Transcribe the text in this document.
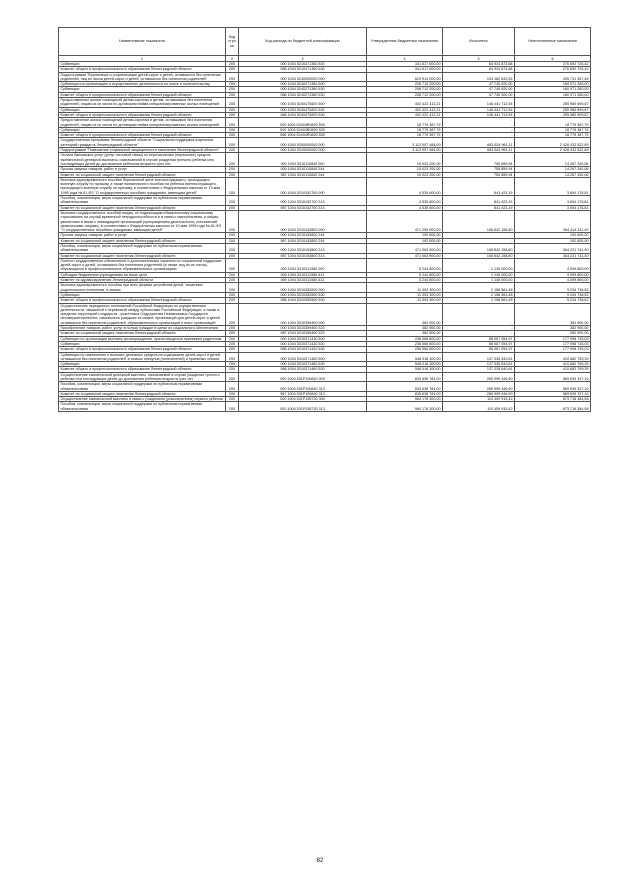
Наименование показателя	Код стро ки	Код расхода по бюджетной классификации	Утвержденные бюджетные назначения	Исполнено	Неисполненные назначения
1	2	3	4	5	6
Субвенции	200	000 1004 5210471360 530	341 617 600,00	64 924 873,68	276 692 726,42
Комитет общего и профессионального образования Ленинградской области	200	068 1004 5210471360 530	341 617 600,00	64 924 873,68	276 692 726,42
Подпрограмма "Воспитание и социализация детей-сирот и детей, оставшихся без попечения родителей, лиц из числа детей-сирот и детей, оставшихся без попечения родителей"	200	000 1004 5240000000 000	629 914 000,00	194 182 632,54	435 731 367,46
Субвенции на организацию и осуществление деятельности по опеке и попечительству	200	000 1004 5240271380 500	208 712 200,00	47 740 920,00	160 971 280,00
Субвенции	200	000 1004 5240271380 530	208 712 200,00	47 740 920,00	160 971 280,00
Комитет общего и профессионального образования Ленинградской области	200	068 1004 5240271380 530	208 712 200,00	47 740 920,00	160 971 280,00
Предоставление жилых помещений детям-сиротам и детям, оставшимся без попечения родителей, лицам из их числа по договорам найма специализированных жилых помещений	200	000 1004 5240470820 500	402 422 412,21	146 441 712,54	255 980 699,67
Субвенции	200	000 1004 5240470820 530	402 422 412,21	146 441 712,54	255 980 699,67
Комитет общего и профессионального образования Ленинградской области	200	068 1004 5240470820 530	402 422 412,21	146 441 712,54	255 980 699,67
Предоставление жилых помещений детям-сиротам и детям, оставшимся без попечения родителей, лицам из их числа по договорам найма специализированных жилых помещений	200	000 1004 52404R0820 500	18 779 387,79	-	18 779 387,79
Субвенции	200	000 1004 52404R0820 530	18 779 387,79	-	18 779 387,79
Комитет общего и профессионального образования Ленинградской области	200	068 1004 52404R0820 530	18 779 387,79	-	18 779 387,79
Государственная программа Ленинградской области "Социальная поддержка отдельных категорий граждан в Ленинградской области"	200	000 1004 5300000000 000	3 112 057 484,00	683 624 961,11	2 428 432 522,89
Подпрограмма "Повышение социальной защищенности населения Ленинградской области"	200	000 1004 5310000000 000	3 112 057 484,00	683 624 961,11	2 428 432 522,89
Оплата банковских услуг (услуг почтовой связи) по перечислению (пересылке) средств ежемесячной денежной выплаты, назначаемой в случае рождения третьего ребенка или последующих детей до достижения ребенком возраста трех лет	200	000 1004 5310110840 000	15 023 200,00	755 859,94	14 267 340,06
Прочая закупка товаров, работ и услуг	200	000 1004 5310110840 244	15 023 200,00	755 859,94	14 267 340,06
Комитет по социальной защите населения Ленинградской области	200	987 1004 5310110840 244	15 023 200,00	755 859,94	14 267 340,06
Выплата единовременного пособия беременной жене военнослужащего, проходящего военную службу по призыву, а также ежемесячного пособия на ребенка военнослужащего, проходящего военную службу по призыву, в соответствии с Федеральным законом от 19 мая 1995 года № 81-ФЗ "О государственных пособиях гражданам, имеющим детей"	200	000 1004 5310152700 000	4 535 600,00	841 423,19	3 694 176,81
Пособия, компенсации, меры социальной поддержки по публичным нормативным обязательствам	200	000 1004 5310152700 313	4 535 600,00	841 423,19	3 694 176,81
Комитет по социальной защите населения Ленинградской области	200	987 1004 5310152700 313	4 535 600,00	841 423,19	3 694 176,81
Выплата государственных пособий лицам, не подлежащим обязательному социальному страхованию на случай временной нетрудоспособности и в связи с материнством, и лицам, уволенным в связи с ликвидацией организаций (прекращением деятельности, полномочий физическими лицами), в соответствии с Федеральным законом от 19 мая 1995 года № 81-ФЗ "О государственных пособиях гражданам, имеющим детей"	200	000 1004 5310153800 000	471 255 900,00	106 842 158,60	364 414 341,40
Прочая закупка товаров, работ и услуг	200	000 1004 5310153800 244	192 600,00	-	192 600,00
Комитет по социальной защите населения Ленинградской области	200	987 1004 5310153800 244	192 600,00	-	192 600,00
Пособия, компенсации, меры социальной поддержки по публичным нормативным обязательствам	200	000 1004 5310153800 313	471 063 900,00	106 842 158,60	364 221 741,40
Комитет по социальной защите населения Ленинградской области	200	987 1004 5310153800 313	471 063 900,00	106 842 158,60	364 221 741,40
Полное государственное обеспечение и дополнительные гарантии по социальной поддержке детей-сирот и детей, оставшихся без попечения родителей (а также лиц из их числа), обучающихся в профессиональных образовательных организациях	200	000 1004 5310311980 000	5 244 800,00	1 145 000,00	4 099 800,00
Субсидии бюджетным учреждениям на иные цели	200	000 1004 5310311980 612	5 244 800,00	1 145 000,00	4 099 800,00
Комитет по здравоохранению Ленинградской области	200	069 1004 5310311980 612	5 244 800,00	1 145 000,00	4 099 800,00
Выплата единовременного пособия при всех формах устройства детей, лишенных родительского попечения, в семью	200	000 1004 5310352600 000	11 393 300,00	2 158 561,48	9 234 738,52
Субвенции	200	000 1004 5310352600 530	11 393 300,00	2 158 561,48	9 234 738,52
Комитет общего и профессионального образования Ленинградской области	200	068 1004 5310352600 530	11 393 300,00	2 158 561,48	9 234 738,52
Осуществление переданных полномочий Российской Федерации по осуществлению деятельности, связанной с перевозкой между субъектами Российской Федерации, а также в пределах территорий государств - участников Содружества Независимых Государств несовершеннолетних, самовольно ушедших из семей, организаций для детей-сирот и детей, оставшихся без попечения родителей, образовательных организаций и иных организаций	200	000 1004 5310359400 000	382 900,00	-	382 900,00
Приобретение товаров, работ, услуг в пользу граждан в целях их социального обеспечения	200	000 1004 5310359400 323	382 900,00	-	382 900,00
Комитет по социальной защите населения Ленинградской области	200	987 1004 5310359400 323	382 900,00	-	382 900,00
Субвенции по организации выплаты вознаграждения, причитающегося приемным родителям	200	000 1004 5310371430 500	236 066 800,00	58 067 054,97	177 998 745,03
Субвенции	200	000 1004 5310371430 530	236 066 800,00	58 067 054,97	177 998 745,03
Комитет общего и профессионального образования Ленинградской области	200	068 1004 5310371430 530	236 066 800,00	58 067 054,97	177 998 745,03
Субвенции по назначению и выплате денежных средств на содержание детей-сирот и детей, оставшихся без попечения родителей, в семьях опекунов (попечителей) и приемных семьях	200	000 1004 5310371460 500	548 018 300,00	137 335 540,61	410 682 759,39
Субвенции	200	000 1004 5310371460 530	548 018 300,00	137 335 540,61	410 682 759,39
Комитет общего и профессионального образования Ленинградской области	200	068 1004 5310371460 530	548 018 300,00	137 335 540,61	410 682 759,39
Осуществление ежемесячной денежной выплаты, назначаемой в случае рождения третьего ребенка или последующих детей до достижения ребенком возраста трех лет	200	000 1004 531P150840 000	835 638 784,00	265 999 446,90	569 639 337,10
Пособия, компенсации, меры социальной поддержки по публичным нормативным обязательствам	200	000 1004 531P150840 313	835 638 784,00	265 999 446,90	569 639 337,10
Комитет по социальной защите населения Ленинградской области	200	987 1004 531P150840 313	835 638 784,00	265 999 446,90	569 639 337,10
Осуществление ежемесячной выплаты в связи с рождением (усыновлением) первого ребенка	200	000 1004 531P155730 000	984 178 300,00	110 459 915,42	873 718 384,58
Пособия, компенсации, меры социальной поддержки по публичным нормативным обязательствам	200	000 1004 531P155730 313	984 178 300,00	110 459 915,42	873 718 384,58
82
